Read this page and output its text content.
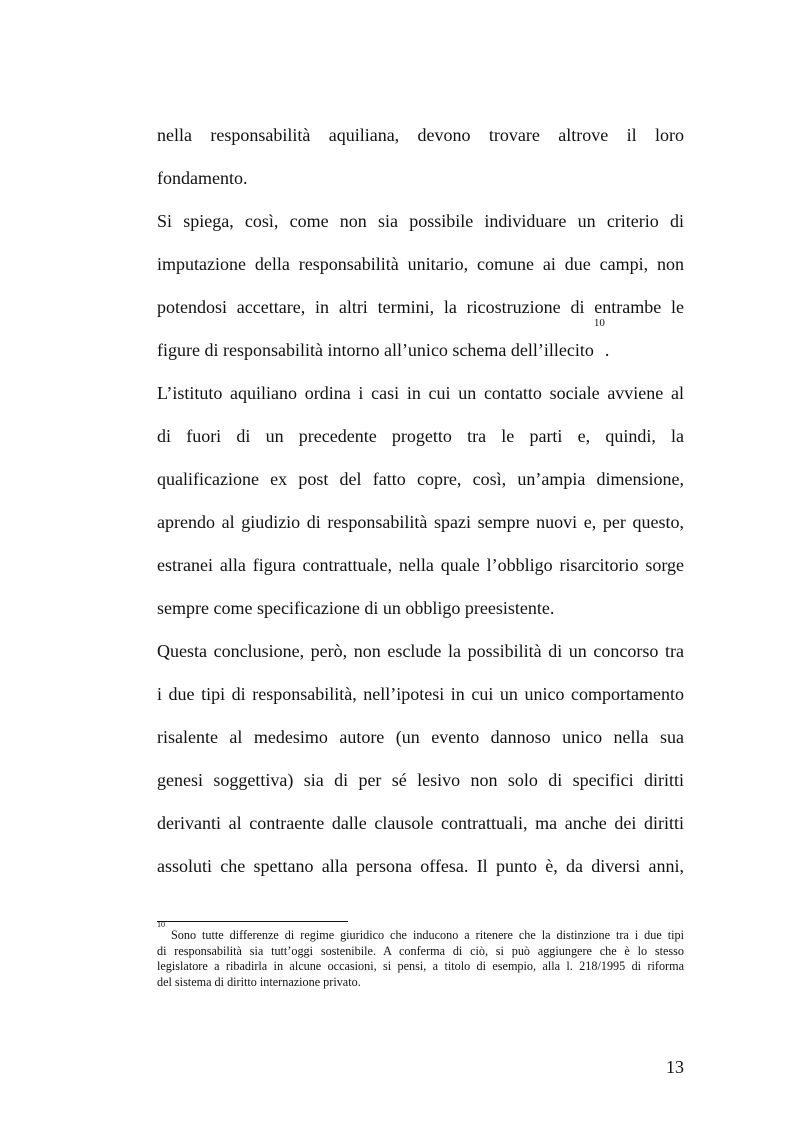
nella responsabilità aquiliana, devono trovare altrove il loro
fondamento.
Si spiega, così, come non sia possibile individuare un criterio di
imputazione della responsabilità unitario, comune ai due campi, non
potendosi accettare, in altri termini, la ricostruzione di entrambe le
figure di responsabilità intorno all’unico schema dell’illecito$^{10}$.
L’istituto aquiliano ordina i casi in cui un contatto sociale avviene al
di fuori di un precedente progetto tra le parti e, quindi, la
qualificazione ex post del fatto copre, così, un’ampia dimensione,
aprendo al giudizio di responsabilità spazi sempre nuovi e, per questo,
estranei alla figura contrattuale, nella quale l’obbligo risarcitorio sorge
sempre come specificazione di un obbligo preesistente.
Questa conclusione, però, non esclude la possibilità di un concorso tra
i due tipi di responsabilità, nell’ipotesi in cui un unico comportamento
risalente al medesimo autore (un evento dannoso unico nella sua
genesi soggettiva) sia di per sé lesivo non solo di specifici diritti
derivanti al contraente dalle clausole contrattuali, ma anche dei diritti
assoluti che spettano alla persona offesa. Il punto è, da diversi anni,
$^{10}$ Sono tutte differenze di regime giuridico che inducono a ritenere che la distinzione tra i due tipi
di responsabilità sia tutt’oggi sostenibile. A conferma di ciò, si può aggiungere che è lo stesso
legislatore a ribadirla in alcune occasioni, si pensi, a titolo di esempio, alla l. 218/1995 di riforma
del sistema di diritto internazione privato.
13
